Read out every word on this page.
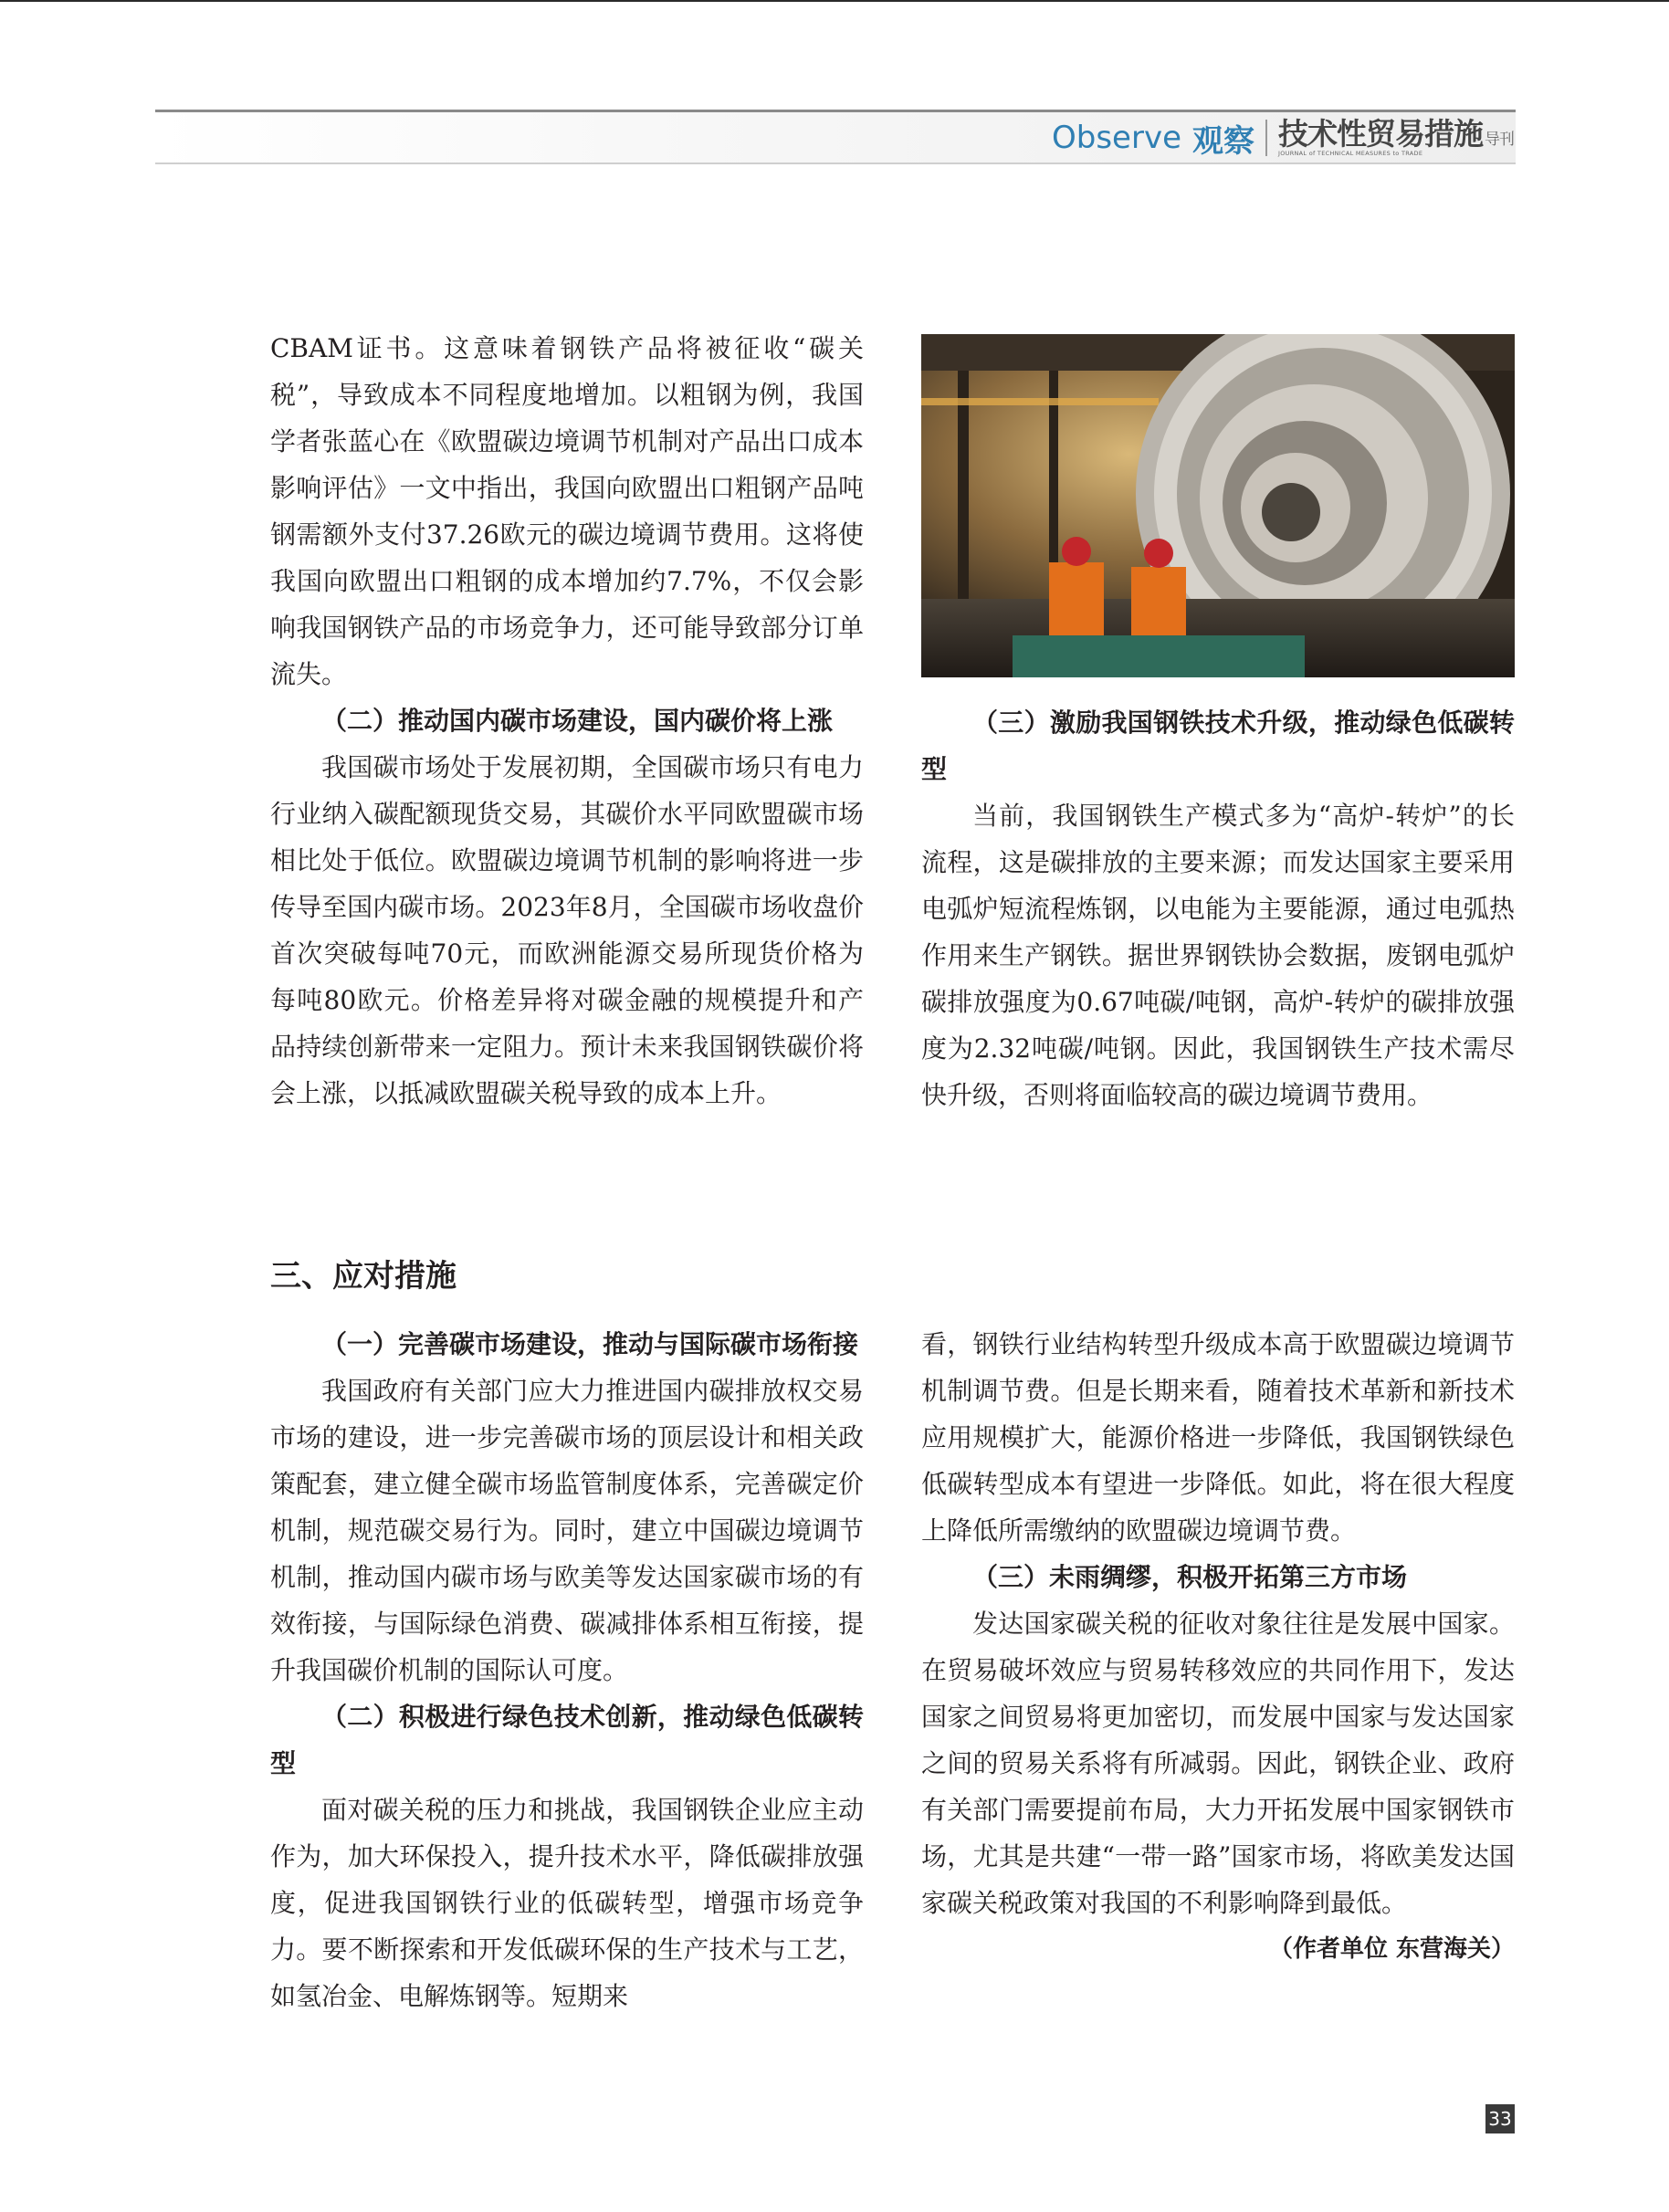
Observe 观察 技术性贸易措施 导刊
JOURNAL of TECHNICAL MEASURES to TRADE

CBAM证书。这意味着钢铁产品将被征收“碳关税”，导致成本不同程度地增加。以粗钢为例，我国学者张蓝心在《欧盟碳边境调节机制对产品出口成本影响评估》一文中指出，我国向欧盟出口粗钢产品吨钢需额外支付37.26欧元的碳边境调节费用。这将使我国向欧盟出口粗钢的成本增加约7.7%，不仅会影响我国钢铁产品的市场竞争力，还可能导致部分订单流失。

（二）推动国内碳市场建设，国内碳价将上涨

我国碳市场处于发展初期，全国碳市场只有电力行业纳入碳配额现货交易，其碳价水平同欧盟碳市场相比处于低位。欧盟碳边境调节机制的影响将进一步传导至国内碳市场。2023年8月，全国碳市场收盘价首次突破每吨70元，而欧洲能源交易所现货价格为每吨80欧元。价格差异将对碳金融的规模提升和产品持续创新带来一定阻力。预计未来我国钢铁碳价将会上涨，以抵减欧盟碳关税导致的成本上升。

（三）激励我国钢铁技术升级，推动绿色低碳转型

当前，我国钢铁生产模式多为“高炉-转炉”的长流程，这是碳排放的主要来源；而发达国家主要采用电弧炉短流程炼钢，以电能为主要能源，通过电弧热作用来生产钢铁。据世界钢铁协会数据，废钢电弧炉碳排放强度为0.67吨碳/吨钢，高炉-转炉的碳排放强度为2.32吨碳/吨钢。因此，我国钢铁生产技术需尽快升级，否则将面临较高的碳边境调节费用。

三、应对措施

（一）完善碳市场建设，推动与国际碳市场衔接

我国政府有关部门应大力推进国内碳排放权交易市场的建设，进一步完善碳市场的顶层设计和相关政策配套，建立健全碳市场监管制度体系，完善碳定价机制，规范碳交易行为。同时，建立中国碳边境调节机制，推动国内碳市场与欧美等发达国家碳市场的有效衔接，与国际绿色消费、碳减排体系相互衔接，提升我国碳价机制的国际认可度。

（二）积极进行绿色技术创新，推动绿色低碳转型

面对碳关税的压力和挑战，我国钢铁企业应主动作为，加大环保投入，提升技术水平，降低碳排放强度，促进我国钢铁行业的低碳转型，增强市场竞争力。要不断探索和开发低碳环保的生产技术与工艺，如氢冶金、电解炼钢等。短期来

看，钢铁行业结构转型升级成本高于欧盟碳边境调节机制调节费。但是长期来看，随着技术革新和新技术应用规模扩大，能源价格进一步降低，我国钢铁绿色低碳转型成本有望进一步降低。如此，将在很大程度上降低所需缴纳的欧盟碳边境调节费。

（三）未雨绸缪，积极开拓第三方市场

发达国家碳关税的征收对象往往是发展中国家。在贸易破坏效应与贸易转移效应的共同作用下，发达国家之间贸易将更加密切，而发展中国家与发达国家之间的贸易关系将有所减弱。因此，钢铁企业、政府有关部门需要提前布局，大力开拓发展中国家钢铁市场，尤其是共建“一带一路”国家市场，将欧美发达国家碳关税政策对我国的不利影响降到最低。

（作者单位 东营海关）

33
